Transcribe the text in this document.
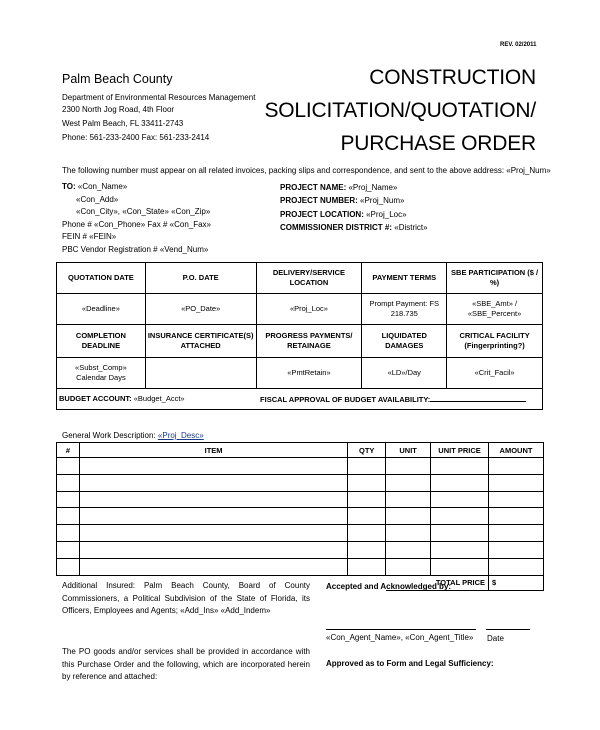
REV. 02/2011
Palm Beach County
Department of Environmental Resources Management
2300 North Jog Road, 4th Floor
West Palm Beach, FL 33411-2743
Phone: 561-233-2400 Fax: 561-233-2414
CONSTRUCTION
SOLICITATION/QUOTATION/
PURCHASE ORDER
The following number must appear on all related invoices, packing slips and correspondence, and sent to the above address: «Proj_Num»
TO: «Con_Name»
«Con_Add»
«Con_City», «Con_State» «Con_Zip»
Phone # «Con_Phone» Fax # «Con_Fax»
FEIN # «FEIN»
PBC Vendor Registration # «Vend_Num»
PROJECT NAME: «Proj_Name»
PROJECT NUMBER: «Proj_Num»
PROJECT LOCATION: «Proj_Loc»
COMMISSIONER DISTRICT #: «District»
QUOTATION DATE	P.O. DATE	DELIVERY/SERVICE LOCATION	PAYMENT TERMS	SBE PARTICIPATION ($ / %)
«Deadline»	«PO_Date»	«Proj_Loc»	Prompt Payment: FS 218.735	«SBE_Amt» / «SBE_Percent»
COMPLETION DEADLINE	INSURANCE CERTIFICATE(S) ATTACHED	PROGRESS PAYMENTS/ RETAINAGE	LIQUIDATED DAMAGES	CRITICAL FACILITY (Fingerprinting?)
«Subst_Comp» Calendar Days		«PmtRetain»	«LD»/Day	«Crit_Facil»
BUDGET ACCOUNT: «Budget_Acct»		FISCAL APPROVAL OF BUDGET AVAILABILITY:		
General Work Description: «Proj_Desc»
#	ITEM	QTY	UNIT	UNIT PRICE	AMOUNT

			TOTAL PRICE		$
Additional Insured: Palm Beach County, Board of County Commissioners, a Political Subdivision of the State of Florida, its Officers, Employees and Agents; «Add_Ins» «Add_Indem»
The PO goods and/or services shall be provided in accordance with this Purchase Order and the following, which are incorporated herein by reference and attached:
Accepted and Acknowledged by:
«Con_Agent_Name», «Con_Agent_Title» Date
Approved as to Form and Legal Sufficiency:
